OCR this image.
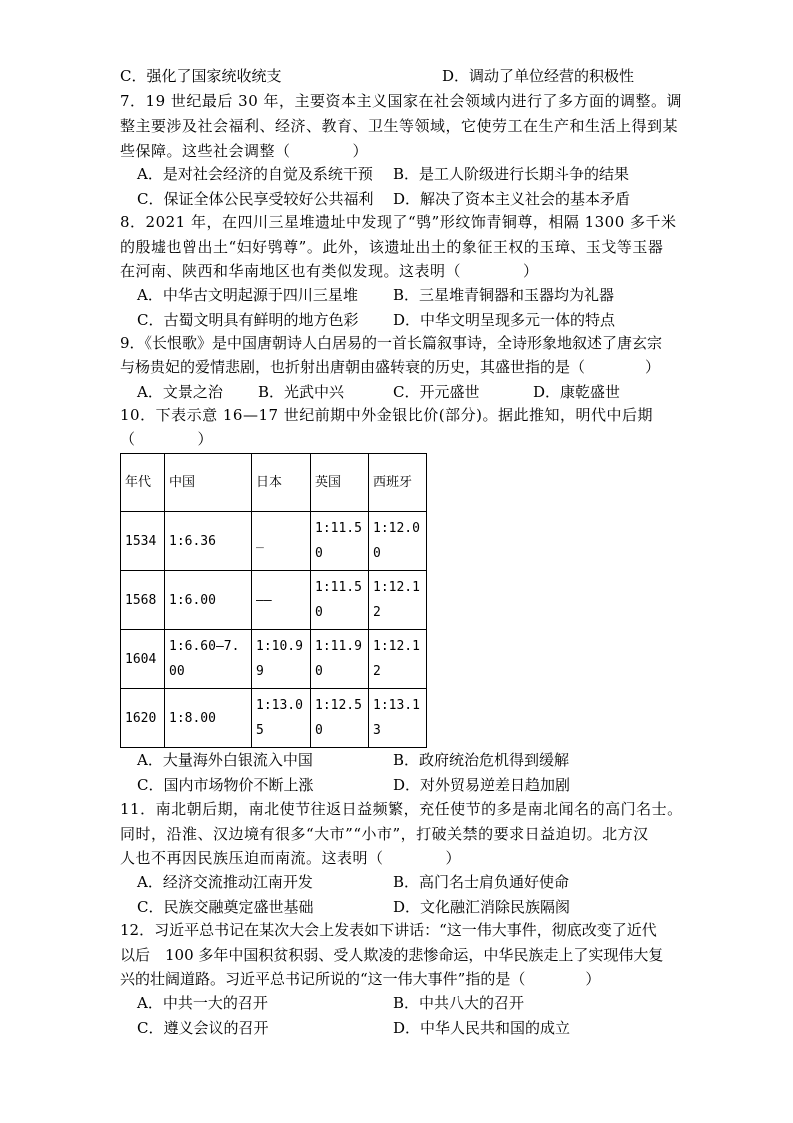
C．强化了国家统收统支	D．调动了单位经营的积极性
7．19 世纪最后 30 年，主要资本主义国家在社会领域内进行了多方面的调整。调
整主要涉及社会福利、经济、教育、卫生等领域，它使劳工在生产和生活上得到某
些保障。这些社会调整（　　　　）
A．是对社会经济的自觉及系统干预 B．是工人阶级进行长期斗争的结果
C．保证全体公民享受较好公共福利 D．解决了资本主义社会的基本矛盾
8．2021 年，在四川三星堆遗址中发现了“鸮”形纹饰青铜尊，相隔 1300 多千米
的殷墟也曾出土“妇好鸮尊”。此外，该遗址出土的象征王权的玉璋、玉戈等玉器
在河南、陕西和华南地区也有类似发现。这表明（　　　　）
A．中华古文明起源于四川三星堆 B．三星堆青铜器和玉器均为礼器
C．古蜀文明具有鲜明的地方色彩 D．中华文明呈现多元一体的特点
9．《长恨歌》是中国唐朝诗人白居易的一首长篇叙事诗，全诗形象地叙述了唐玄宗
与杨贵妃的爱情悲剧，也折射出唐朝由盛转衰的历史，其盛世指的是（　　　　）
A．文景之治 B．光武中兴	C．开元盛世	D．康乾盛世
10．下表示意 16—17 世纪前期中外金银比价(部分)。据此推知，明代中后期
（　　　　）
年代	中国	日本	英国	西班牙
1534	1:6.36	_	1:11.50	1:12.00
1568	1:6.00	——	1:11.50	1:12.12
1604	1:6.60—7.00	1:10.99	1:11.90	1:12.12
1620	1:8.00	1:13.05	1:12.50	1:13.13
A．大量海外白银流入中国	B．政府统治危机得到缓解
C．国内市场物价不断上涨	D．对外贸易逆差日趋加剧
11．南北朝后期，南北使节往返日益频繁，充任使节的多是南北闻名的高门名士。
同时，沿淮、汉边境有很多“大市”“小市”，打破关禁的要求日益迫切。北方汉
人也不再因民族压迫而南流。这表明（　　　　）
A．经济交流推动江南开发	B．高门名士肩负通好使命
C．民族交融奠定盛世基础	D．文化融汇消除民族隔阂
12．习近平总书记在某次大会上发表如下讲话：“这一伟大事件，彻底改变了近代
以后　100 多年中国积贫积弱、受人欺凌的悲惨命运，中华民族走上了实现伟大复
兴的壮阔道路。习近平总书记所说的“这一伟大事件”指的是（　　　　）
A．中共一大的召开	B．中共八大的召开
C．遵义会议的召开	D．中华人民共和国的成立
